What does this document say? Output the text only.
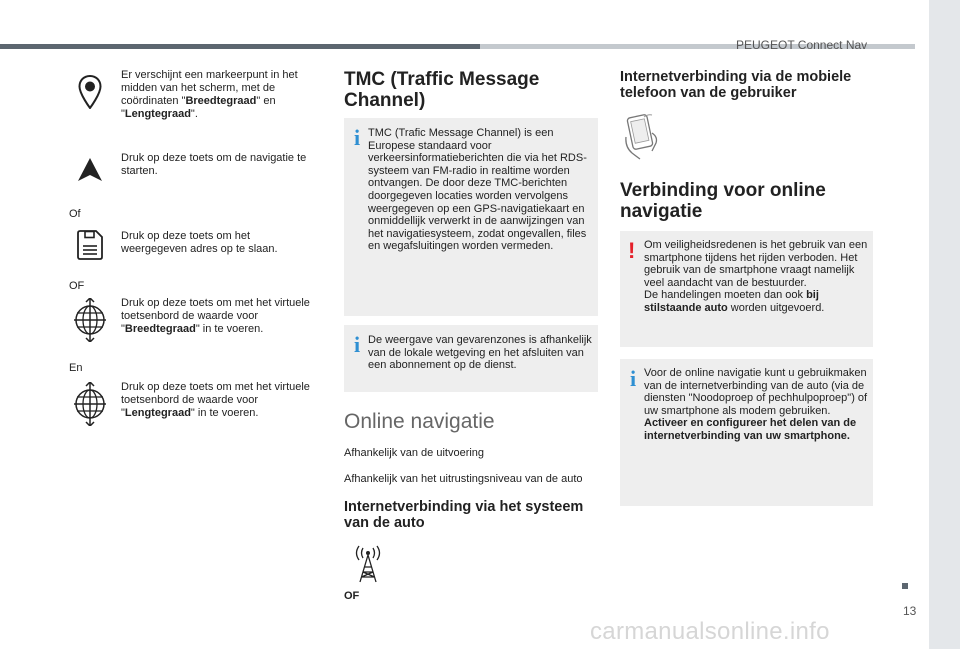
PEUGEOT Connect Nav
Er verschijnt een markeerpunt in het midden van het scherm, met de coördinaten "Breedtegraad" en "Lengtegraad".
Druk op deze toets om de navigatie te starten.
Of
Druk op deze toets om het weergegeven adres op te slaan.
OF
Druk op deze toets om met het virtuele toetsenbord de waarde voor "Breedtegraad" in te voeren.
En
Druk op deze toets om met het virtuele toetsenbord de waarde voor "Lengtegraad" in te voeren.
TMC (Traffic Message Channel)
i TMC (Trafic Message Channel) is een Europese standaard voor verkeersinformatieberichten die via het RDS-systeem van FM-radio in realtime worden ontvangen. De door deze TMC-berichten doorgegeven locaties worden vervolgens weergegeven op een GPS-navigatiekaart en onmiddellijk verwerkt in de aanwijzingen van het navigatiesysteem, zodat ongevallen, files en wegafsluitingen worden vermeden.
i De weergave van gevarenzones is afhankelijk van de lokale wetgeving en het afsluiten van een abonnement op de dienst.
Online navigatie
Afhankelijk van de uitvoering
Afhankelijk van het uitrustingsniveau van de auto
Internetverbinding via het systeem van de auto
OF
Internetverbinding via de mobiele telefoon van de gebruiker
Verbinding voor online navigatie
! Om veiligheidsredenen is het gebruik van een smartphone tijdens het rijden verboden. Het gebruik van de smartphone vraagt namelijk veel aandacht van de bestuurder.
De handelingen moeten dan ook bij stilstaande auto worden uitgevoerd.
i Voor de online navigatie kunt u gebruikmaken van de internetverbinding van de auto (via de diensten "Noodoproep of pechhulpoproep") of uw smartphone als modem gebruiken.
Activeer en configureer het delen van de internetverbinding van uw smartphone.
13
carmanualsonline.info
